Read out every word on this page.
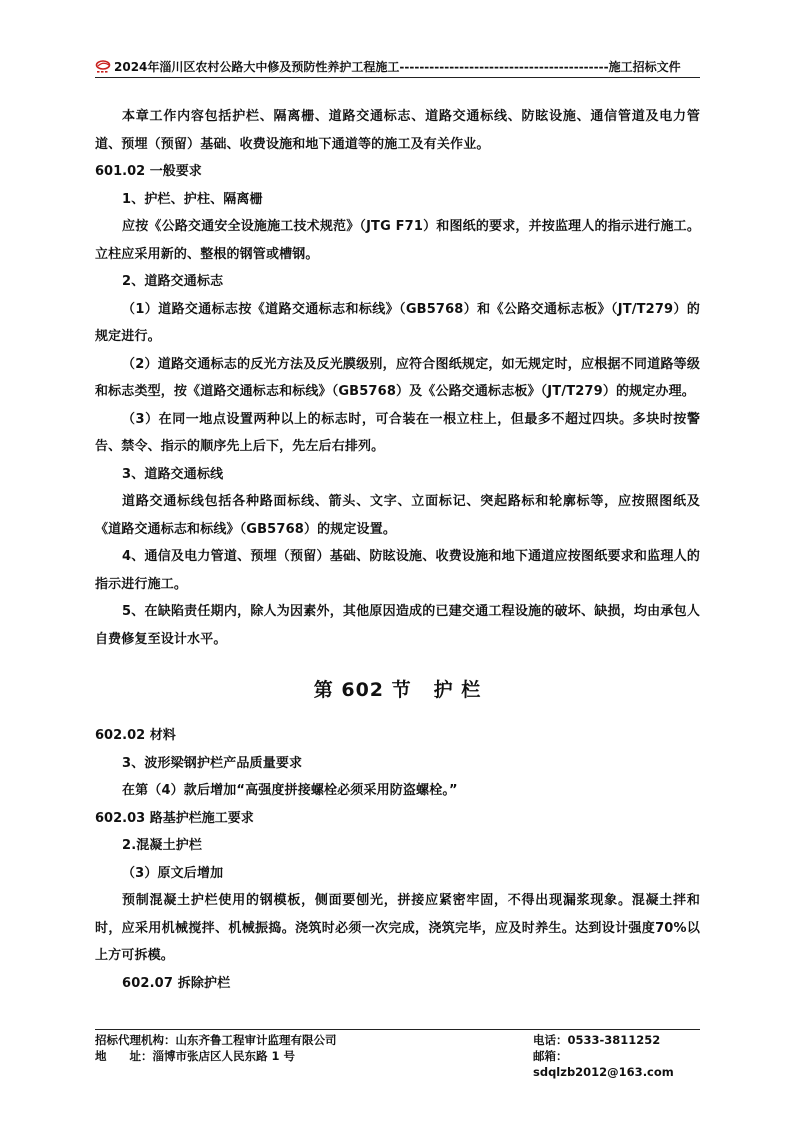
2024年淄川区农村公路大中修及预防性养护工程施工------------------------------------------施工招标文件

本章工作内容包括护栏、隔离栅、道路交通标志、道路交通标线、防眩设施、通信管道及电力管道、预埋（预留）基础、收费设施和地下通道等的施工及有关作业。

601.02 一般要求

1、护栏、护柱、隔离栅

应按《公路交通安全设施施工技术规范》（JTG F71）和图纸的要求，并按监理人的指示进行施工。立柱应采用新的、整根的钢管或槽钢。

2、道路交通标志

（1）道路交通标志按《道路交通标志和标线》（GB5768）和《公路交通标志板》（JT/T279）的规定进行。

（2）道路交通标志的反光方法及反光膜级别，应符合图纸规定，如无规定时，应根据不同道路等级和标志类型，按《道路交通标志和标线》（GB5768）及《公路交通标志板》（JT/T279）的规定办理。

（3）在同一地点设置两种以上的标志时，可合装在一根立柱上，但最多不超过四块。多块时按警告、禁令、指示的顺序先上后下，先左后右排列。

3、道路交通标线

道路交通标线包括各种路面标线、箭头、文字、立面标记、突起路标和轮廓标等，应按照图纸及《道路交通标志和标线》（GB5768）的规定设置。

4、通信及电力管道、预埋（预留）基础、防眩设施、收费设施和地下通道应按图纸要求和监理人的指示进行施工。

5、在缺陷责任期内，除人为因素外，其他原因造成的已建交通工程设施的破坏、缺损，均由承包人自费修复至设计水平。

第 602 节 护 栏

602.02 材料

3、波形梁钢护栏产品质量要求

在第（4）款后增加“高强度拼接螺栓必须采用防盗螺栓。”

602.03 路基护栏施工要求

2.混凝土护栏

（3）原文后增加

预制混凝土护栏使用的钢模板，侧面要刨光，拼接应紧密牢固，不得出现漏浆现象。混凝土拌和时，应采用机械搅拌、机械振捣。浇筑时必须一次完成，浇筑完毕，应及时养生。达到设计强度70%以上方可拆模。

602.07 拆除护栏

招标代理机构：山东齐鲁工程审计监理有限公司	电话：0533-3811252
地　　址：淄博市张店区人民东路 1 号	邮箱：sdqlzb2012@163.com
